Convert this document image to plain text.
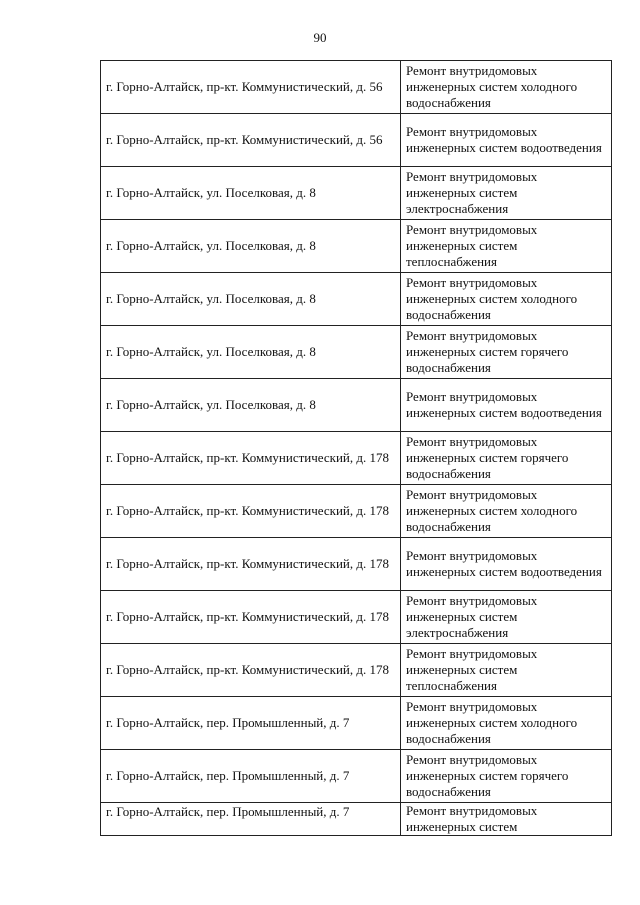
90
г. Горно-Алтайск, пр-кт. Коммунистический, д. 56	Ремонт внутридомовых инженерных систем холодного водоснабжения
г. Горно-Алтайск, пр-кт. Коммунистический, д. 56	Ремонт внутридомовых инженерных систем водоотведения
г. Горно-Алтайск, ул. Поселковая, д. 8	Ремонт внутридомовых инженерных систем электроснабжения
г. Горно-Алтайск, ул. Поселковая, д. 8	Ремонт внутридомовых инженерных систем теплоснабжения
г. Горно-Алтайск, ул. Поселковая, д. 8	Ремонт внутридомовых инженерных систем холодного водоснабжения
г. Горно-Алтайск, ул. Поселковая, д. 8	Ремонт внутридомовых инженерных систем горячего водоснабжения
г. Горно-Алтайск, ул. Поселковая, д. 8	Ремонт внутридомовых инженерных систем водоотведения
г. Горно-Алтайск, пр-кт. Коммунистический, д. 178	Ремонт внутридомовых инженерных систем горячего водоснабжения
г. Горно-Алтайск, пр-кт. Коммунистический, д. 178	Ремонт внутридомовых инженерных систем холодного водоснабжения
г. Горно-Алтайск, пр-кт. Коммунистический, д. 178	Ремонт внутридомовых инженерных систем водоотведения
г. Горно-Алтайск, пр-кт. Коммунистический, д. 178	Ремонт внутридомовых инженерных систем электроснабжения
г. Горно-Алтайск, пр-кт. Коммунистический, д. 178	Ремонт внутридомовых инженерных систем теплоснабжения
г. Горно-Алтайск, пер. Промышленный, д. 7	Ремонт внутридомовых инженерных систем холодного водоснабжения
г. Горно-Алтайск, пер. Промышленный, д. 7	Ремонт внутридомовых инженерных систем горячего водоснабжения
г. Горно-Алтайск, пер. Промышленный, д. 7	Ремонт внутридомовых инженерных систем
